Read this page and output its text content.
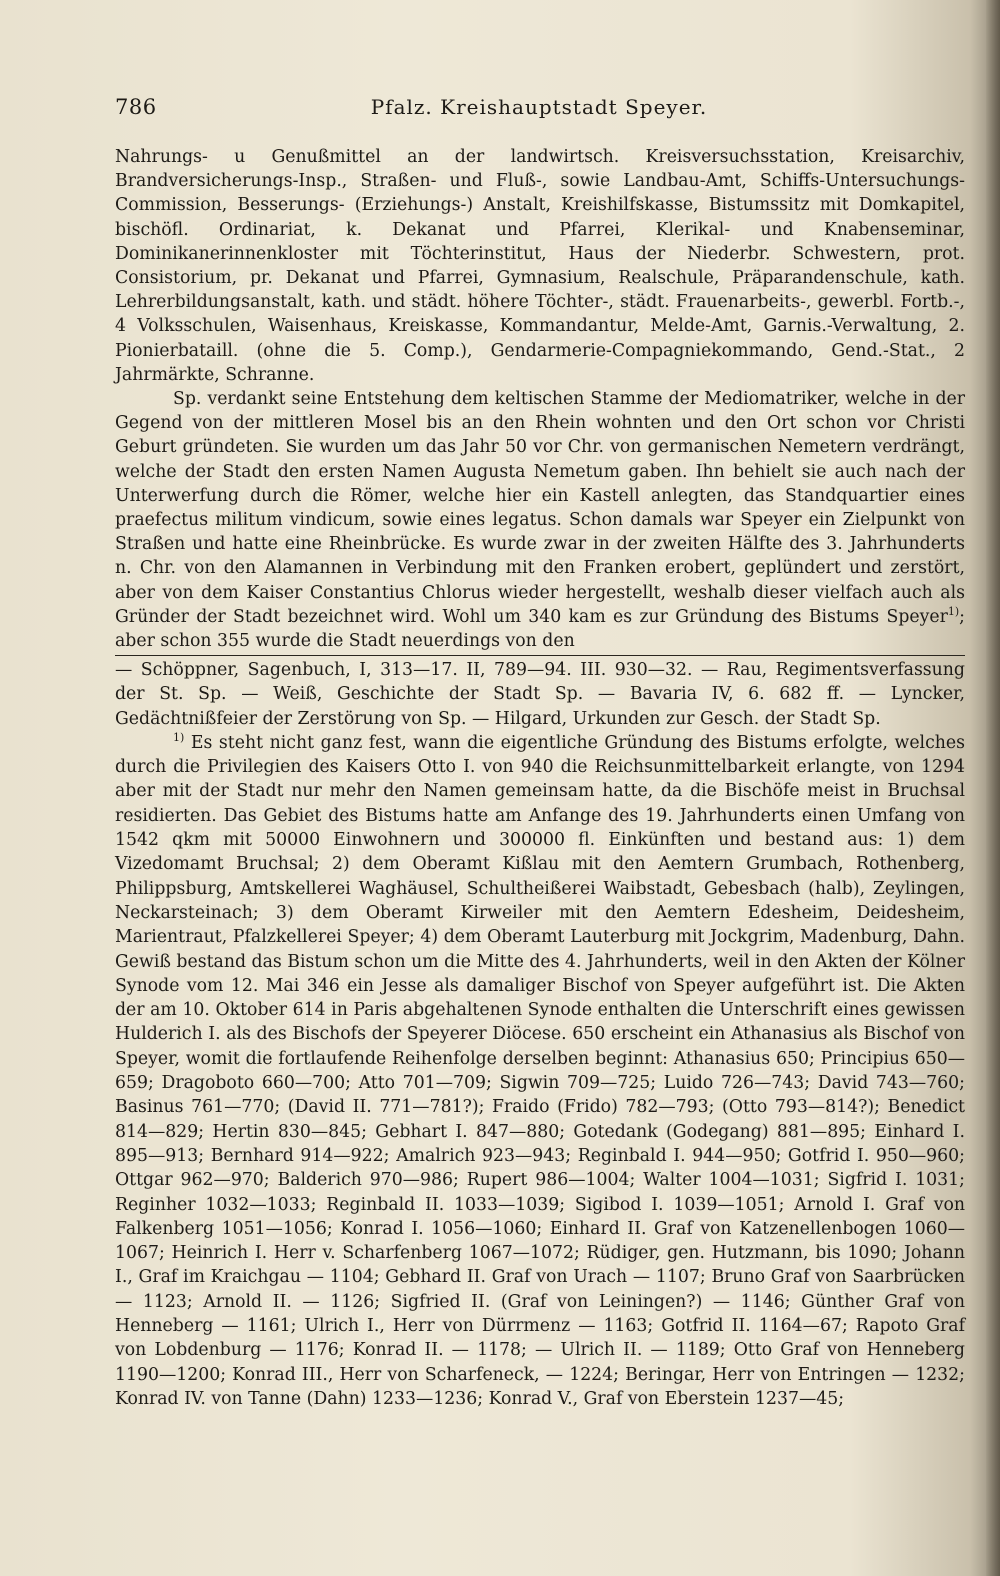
786	Pfalz. Kreishauptstadt Speyer.

Nahrungs- u Genußmittel an der landwirtsch. Kreisversuchsstation, Kreisarchiv, Brandversicherungs-Insp., Straßen- und Fluß-, sowie Landbau-Amt, Schiffs-Untersuchungs-Commission, Besserungs- (Erziehungs-) Anstalt, Kreishilfskasse, Bistumssitz mit Domkapitel, bischöfl. Ordinariat, k. Dekanat und Pfarrei, Klerikal- und Knabenseminar, Dominikanerinnenkloster mit Töchterinstitut, Haus der Niederbr. Schwestern, prot. Consistorium, pr. Dekanat und Pfarrei, Gymnasium, Realschule, Präparandenschule, kath. Lehrerbildungsanstalt, kath. und städt. höhere Töchter-, städt. Frauenarbeits-, gewerbl. Fortb.-, 4 Volksschulen, Waisenhaus, Kreiskasse, Kommandantur, Melde-Amt, Garnis.-Verwaltung, 2. Pionierbataill. (ohne die 5. Comp.), Gendarmerie-Compagniekommando, Gend.-Stat., 2 Jahrmärkte, Schranne.

Sp. verdankt seine Entstehung dem keltischen Stamme der Mediomatriker, welche in der Gegend von der mittleren Mosel bis an den Rhein wohnten und den Ort schon vor Christi Geburt gründeten. Sie wurden um das Jahr 50 vor Chr. von germanischen Nemetern verdrängt, welche der Stadt den ersten Namen Augusta Nemetum gaben. Ihn behielt sie auch nach der Unterwerfung durch die Römer, welche hier ein Kastell anlegten, das Standquartier eines praefectus militum vindicum, sowie eines legatus. Schon damals war Speyer ein Zielpunkt von Straßen und hatte eine Rheinbrücke. Es wurde zwar in der zweiten Hälfte des 3. Jahrhunderts n. Chr. von den Alamannen in Verbindung mit den Franken erobert, geplündert und zerstört, aber von dem Kaiser Constantius Chlorus wieder hergestellt, weshalb dieser vielfach auch als Gründer der Stadt bezeichnet wird. Wohl um 340 kam es zur Gründung des Bistums Speyer$^{1)}$; aber schon 355 wurde die Stadt neuerdings von den

— Schöppner, Sagenbuch, I, 313—17. II, 789—94. III. 930—32. — Rau, Regimentsverfassung der St. Sp. — Weiß, Geschichte der Stadt Sp. — Bavaria IV, 6. 682 ff. — Lyncker, Gedächtnißfeier der Zerstörung von Sp. — Hilgard, Urkunden zur Gesch. der Stadt Sp.

$^{1)}$ Es steht nicht ganz fest, wann die eigentliche Gründung des Bistums erfolgte, welches durch die Privilegien des Kaisers Otto I. von 940 die Reichsunmittelbarkeit erlangte, von 1294 aber mit der Stadt nur mehr den Namen gemeinsam hatte, da die Bischöfe meist in Bruchsal residierten. Das Gebiet des Bistums hatte am Anfange des 19. Jahrhunderts einen Umfang von 1542 qkm mit 50000 Einwohnern und 300000 fl. Einkünften und bestand aus: 1) dem Vizedomamt Bruchsal; 2) dem Oberamt Kißlau mit den Aemtern Grumbach, Rothenberg, Philippsburg, Amtskellerei Waghäusel, Schultheißerei Waibstadt, Gebesbach (halb), Zeylingen, Neckarsteinach; 3) dem Oberamt Kirweiler mit den Aemtern Edesheim, Deidesheim, Marientraut, Pfalzkellerei Speyer; 4) dem Oberamt Lauterburg mit Jockgrim, Madenburg, Dahn. Gewiß bestand das Bistum schon um die Mitte des 4. Jahrhunderts, weil in den Akten der Kölner Synode vom 12. Mai 346 ein Jesse als damaliger Bischof von Speyer aufgeführt ist. Die Akten der am 10. Oktober 614 in Paris abgehaltenen Synode enthalten die Unterschrift eines gewissen Hulderich I. als des Bischofs der Speyerer Diöcese. 650 erscheint ein Athanasius als Bischof von Speyer, womit die fortlaufende Reihenfolge derselben beginnt: Athanasius 650; Principius 650—659; Dragoboto 660—700; Atto 701—709; Sigwin 709—725; Luido 726—743; David 743—760; Basinus 761—770; (David II. 771—781?); Fraido (Frido) 782—793; (Otto 793—814?); Benedict 814—829; Hertin 830—845; Gebhart I. 847—880; Gotedank (Godegang) 881—895; Einhard I. 895—913; Bernhard 914—922; Amalrich 923—943; Reginbald I. 944—950; Gotfrid I. 950—960; Ottgar 962—970; Balderich 970—986; Rupert 986—1004; Walter 1004—1031; Sigfrid I. 1031; Reginher 1032—1033; Reginbald II. 1033—1039; Sigibod I. 1039—1051; Arnold I. Graf von Falkenberg 1051—1056; Konrad I. 1056—1060; Einhard II. Graf von Katzenellenbogen 1060—1067; Heinrich I. Herr v. Scharfenberg 1067—1072; Rüdiger, gen. Hutzmann, bis 1090; Johann I., Graf im Kraichgau — 1104; Gebhard II. Graf von Urach — 1107; Bruno Graf von Saarbrücken — 1123; Arnold II. — 1126; Sigfried II. (Graf von Leiningen?) — 1146; Günther Graf von Henneberg — 1161; Ulrich I., Herr von Dürrmenz — 1163; Gotfrid II. 1164—67; Rapoto Graf von Lobdenburg — 1176; Konrad II. — 1178; — Ulrich II. — 1189; Otto Graf von Henneberg 1190—1200; Konrad III., Herr von Scharfeneck, — 1224; Beringar, Herr von Entringen — 1232; Konrad IV. von Tanne (Dahn) 1233—1236; Konrad V., Graf von Eberstein 1237—45;
